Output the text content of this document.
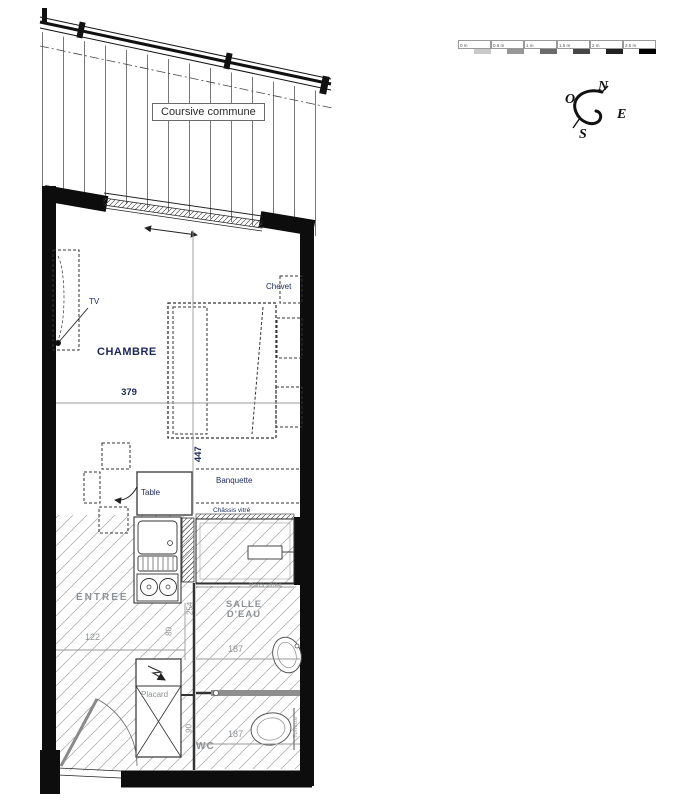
0 m	0.5 m	1 m	1.5 m	2 m	2.5 m
N
E
S
O
Coursive commune
CHAMBRE
TV
Chevet
379
447
Banquette
Châssis vitré
Table
ENTREE
122
80
254	SALLE D'EAU
Paroi vitrée
187
Toilette
WC
187
90
Placard
